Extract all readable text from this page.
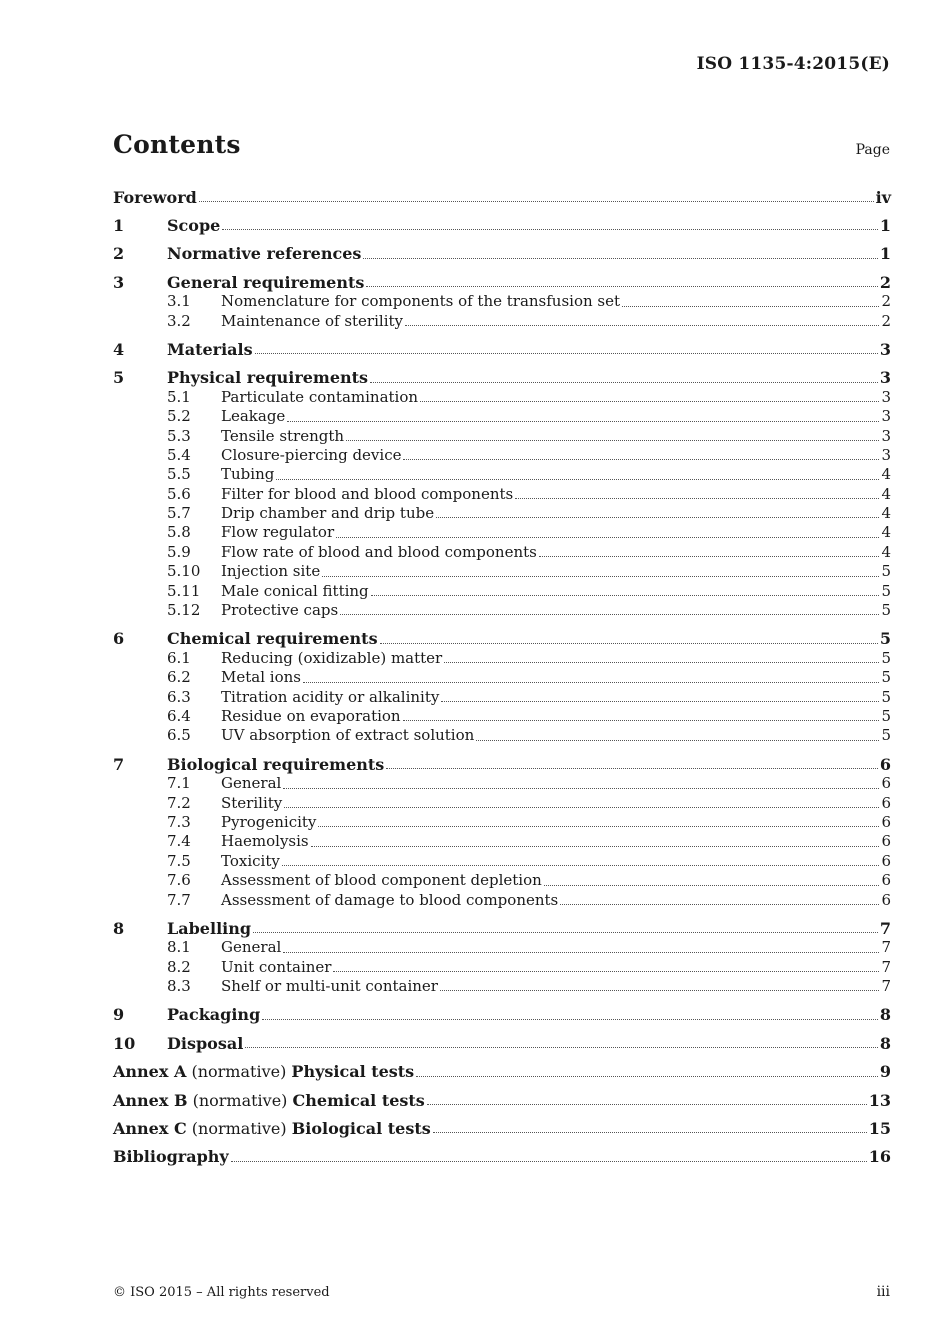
ISO 1135-4:2015(E)
Contents	Page
Foreword	iv
1	Scope	1
2	Normative references	1
3	General requirements	2
3.1	Nomenclature for components of the transfusion set	2
3.2	Maintenance of sterility	2
4	Materials	3
5	Physical requirements	3
5.1	Particulate contamination	3
5.2	Leakage	3
5.3	Tensile strength	3
5.4	Closure-piercing device	3
5.5	Tubing	4
5.6	Filter for blood and blood components	4
5.7	Drip chamber and drip tube	4
5.8	Flow regulator	4
5.9	Flow rate of blood and blood components	4
5.10	Injection site	5
5.11	Male conical fitting	5
5.12	Protective caps	5
6	Chemical requirements	5
6.1	Reducing (oxidizable) matter	5
6.2	Metal ions	5
6.3	Titration acidity or alkalinity	5
6.4	Residue on evaporation	5
6.5	UV absorption of extract solution	5
7	Biological requirements	6
7.1	General	6
7.2	Sterility	6
7.3	Pyrogenicity	6
7.4	Haemolysis	6
7.5	Toxicity	6
7.6	Assessment of blood component depletion	6
7.7	Assessment of damage to blood components	6
8	Labelling	7
8.1	General	7
8.2	Unit container	7
8.3	Shelf or multi-unit container	7
9	Packaging	8
10	Disposal	8
Annex A (normative) Physical tests	9
Annex B (normative) Chemical tests	13
Annex C (normative) Biological tests	15
Bibliography	16
© ISO 2015 – All rights reserved	iii
